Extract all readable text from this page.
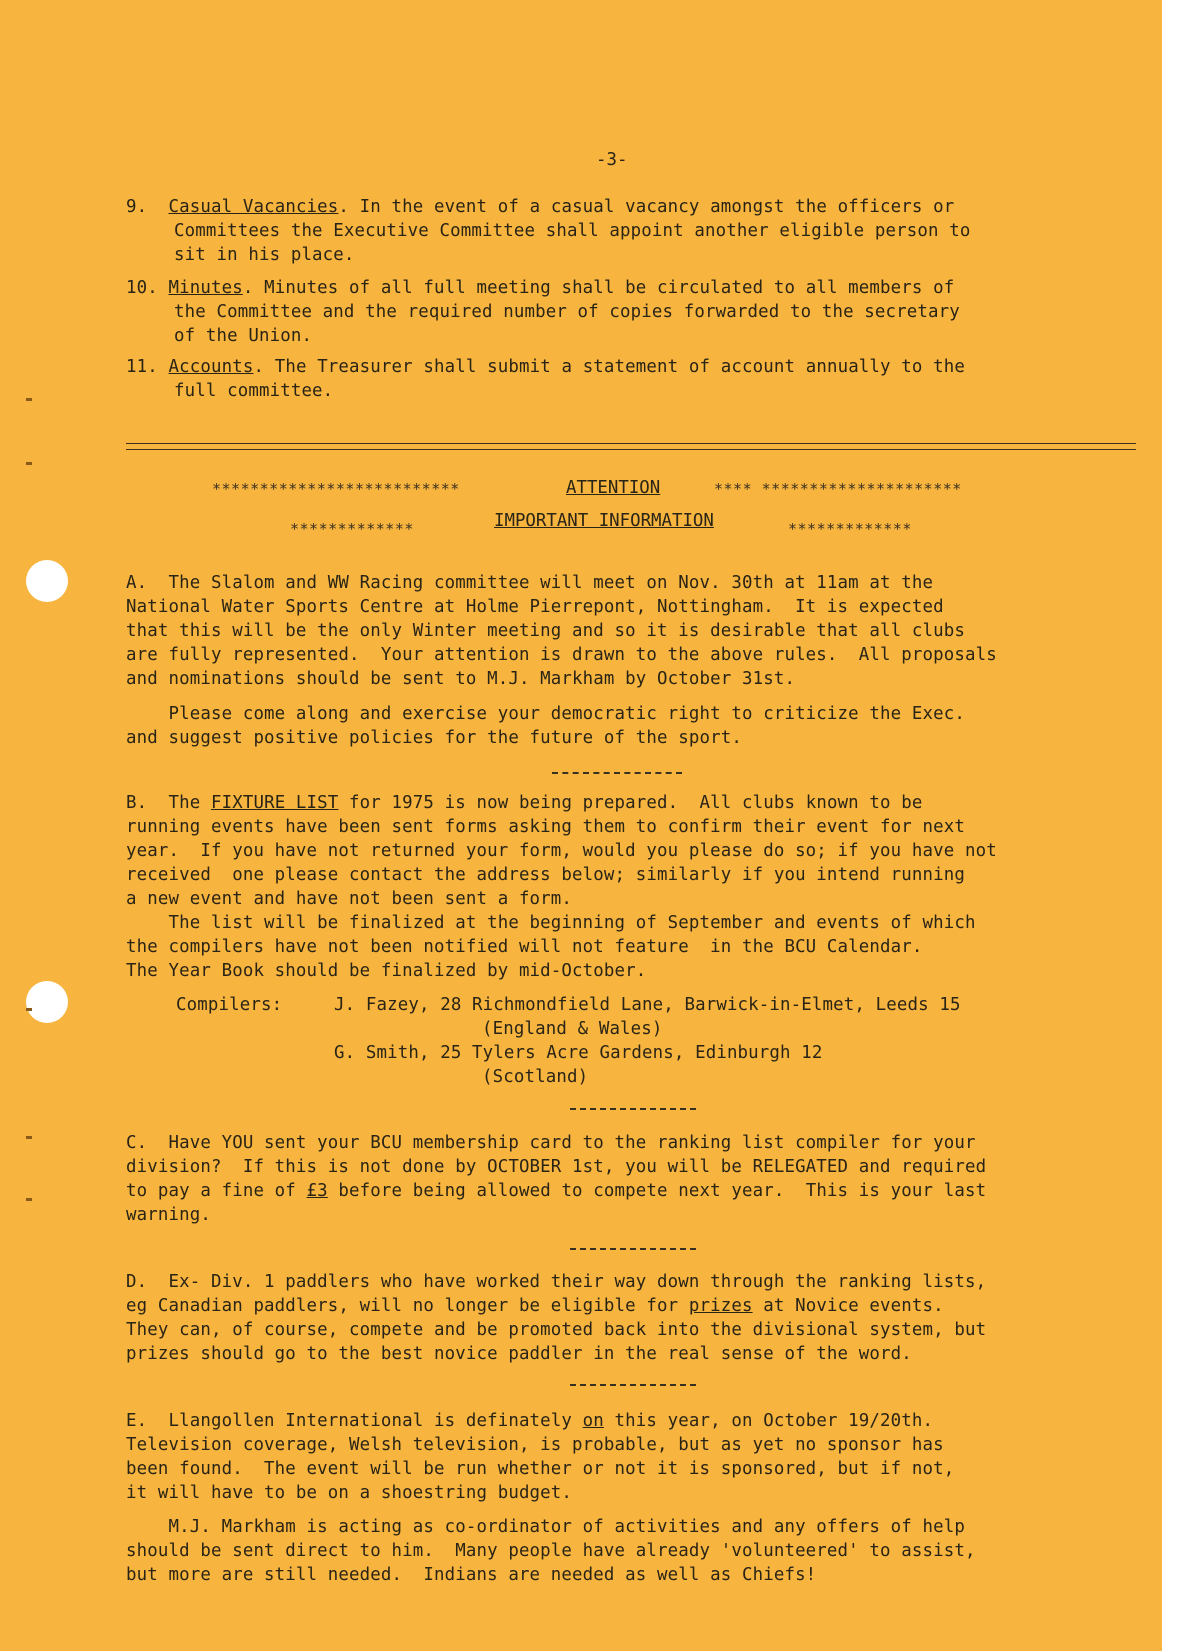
-3-
9. Casual Vacancies. In the event of a casual vacancy amongst the officers or
Committees the Executive Committee shall appoint another eligible person to
sit in his place.
10. Minutes. Minutes of all full meeting shall be circulated to all members of
the Committee and the required number of copies forwarded to the secretary
of the Union.
11. Accounts. The Treasurer shall submit a statement of account annually to the
full committee.
**************************	ATTENTION	**** *********************
*************	IMPORTANT INFORMATION	*************
A.  The Slalom and WW Racing committee will meet on Nov. 30th at 11am at the
National Water Sports Centre at Holme Pierrepont, Nottingham.  It is expected
that this will be the only Winter meeting and so it is desirable that all clubs
are fully represented.  Your attention is drawn to the above rules.  All proposals
and nominations should be sent to M.J. Markham by October 31st.
Please come along and exercise your democratic right to criticize the Exec.
and suggest positive policies for the future of the sport.
B.  The FIXTURE LIST for 1975 is now being prepared.  All clubs known to be
running events have been sent forms asking them to confirm their event for next
year.  If you have not returned your form, would you please do so; if you have not
received  one please contact the address below; similarly if you intend running
a new event and have not been sent a form.
The list will be finalized at the beginning of September and events of which
the compilers have not been notified will not feature  in the BCU Calendar.
The Year Book should be finalized by mid-October.
Compilers:	J. Fazey, 28 Richmondfield Lane, Barwick-in-Elmet, Leeds 15
(England & Wales)
G. Smith, 25 Tylers Acre Gardens, Edinburgh 12
(Scotland)
C.  Have YOU sent your BCU membership card to the ranking list compiler for your
division?  If this is not done by OCTOBER 1st, you will be RELEGATED and required
to pay a fine of £3 before being allowed to compete next year.  This is your last
warning.
D.  Ex- Div. 1 paddlers who have worked their way down through the ranking lists,
eg Canadian paddlers, will no longer be eligible for prizes at Novice events.
They can, of course, compete and be promoted back into the divisional system, but
prizes should go to the best novice paddler in the real sense of the word.
E.  Llangollen International is definately on this year, on October 19/20th.
Television coverage, Welsh television, is probable, but as yet no sponsor has
been found.  The event will be run whether or not it is sponsored, but if not,
it will have to be on a shoestring budget.
M.J. Markham is acting as co-ordinator of activities and any offers of help
should be sent direct to him.  Many people have already 'volunteered' to assist,
but more are still needed.  Indians are needed as well as Chiefs!
